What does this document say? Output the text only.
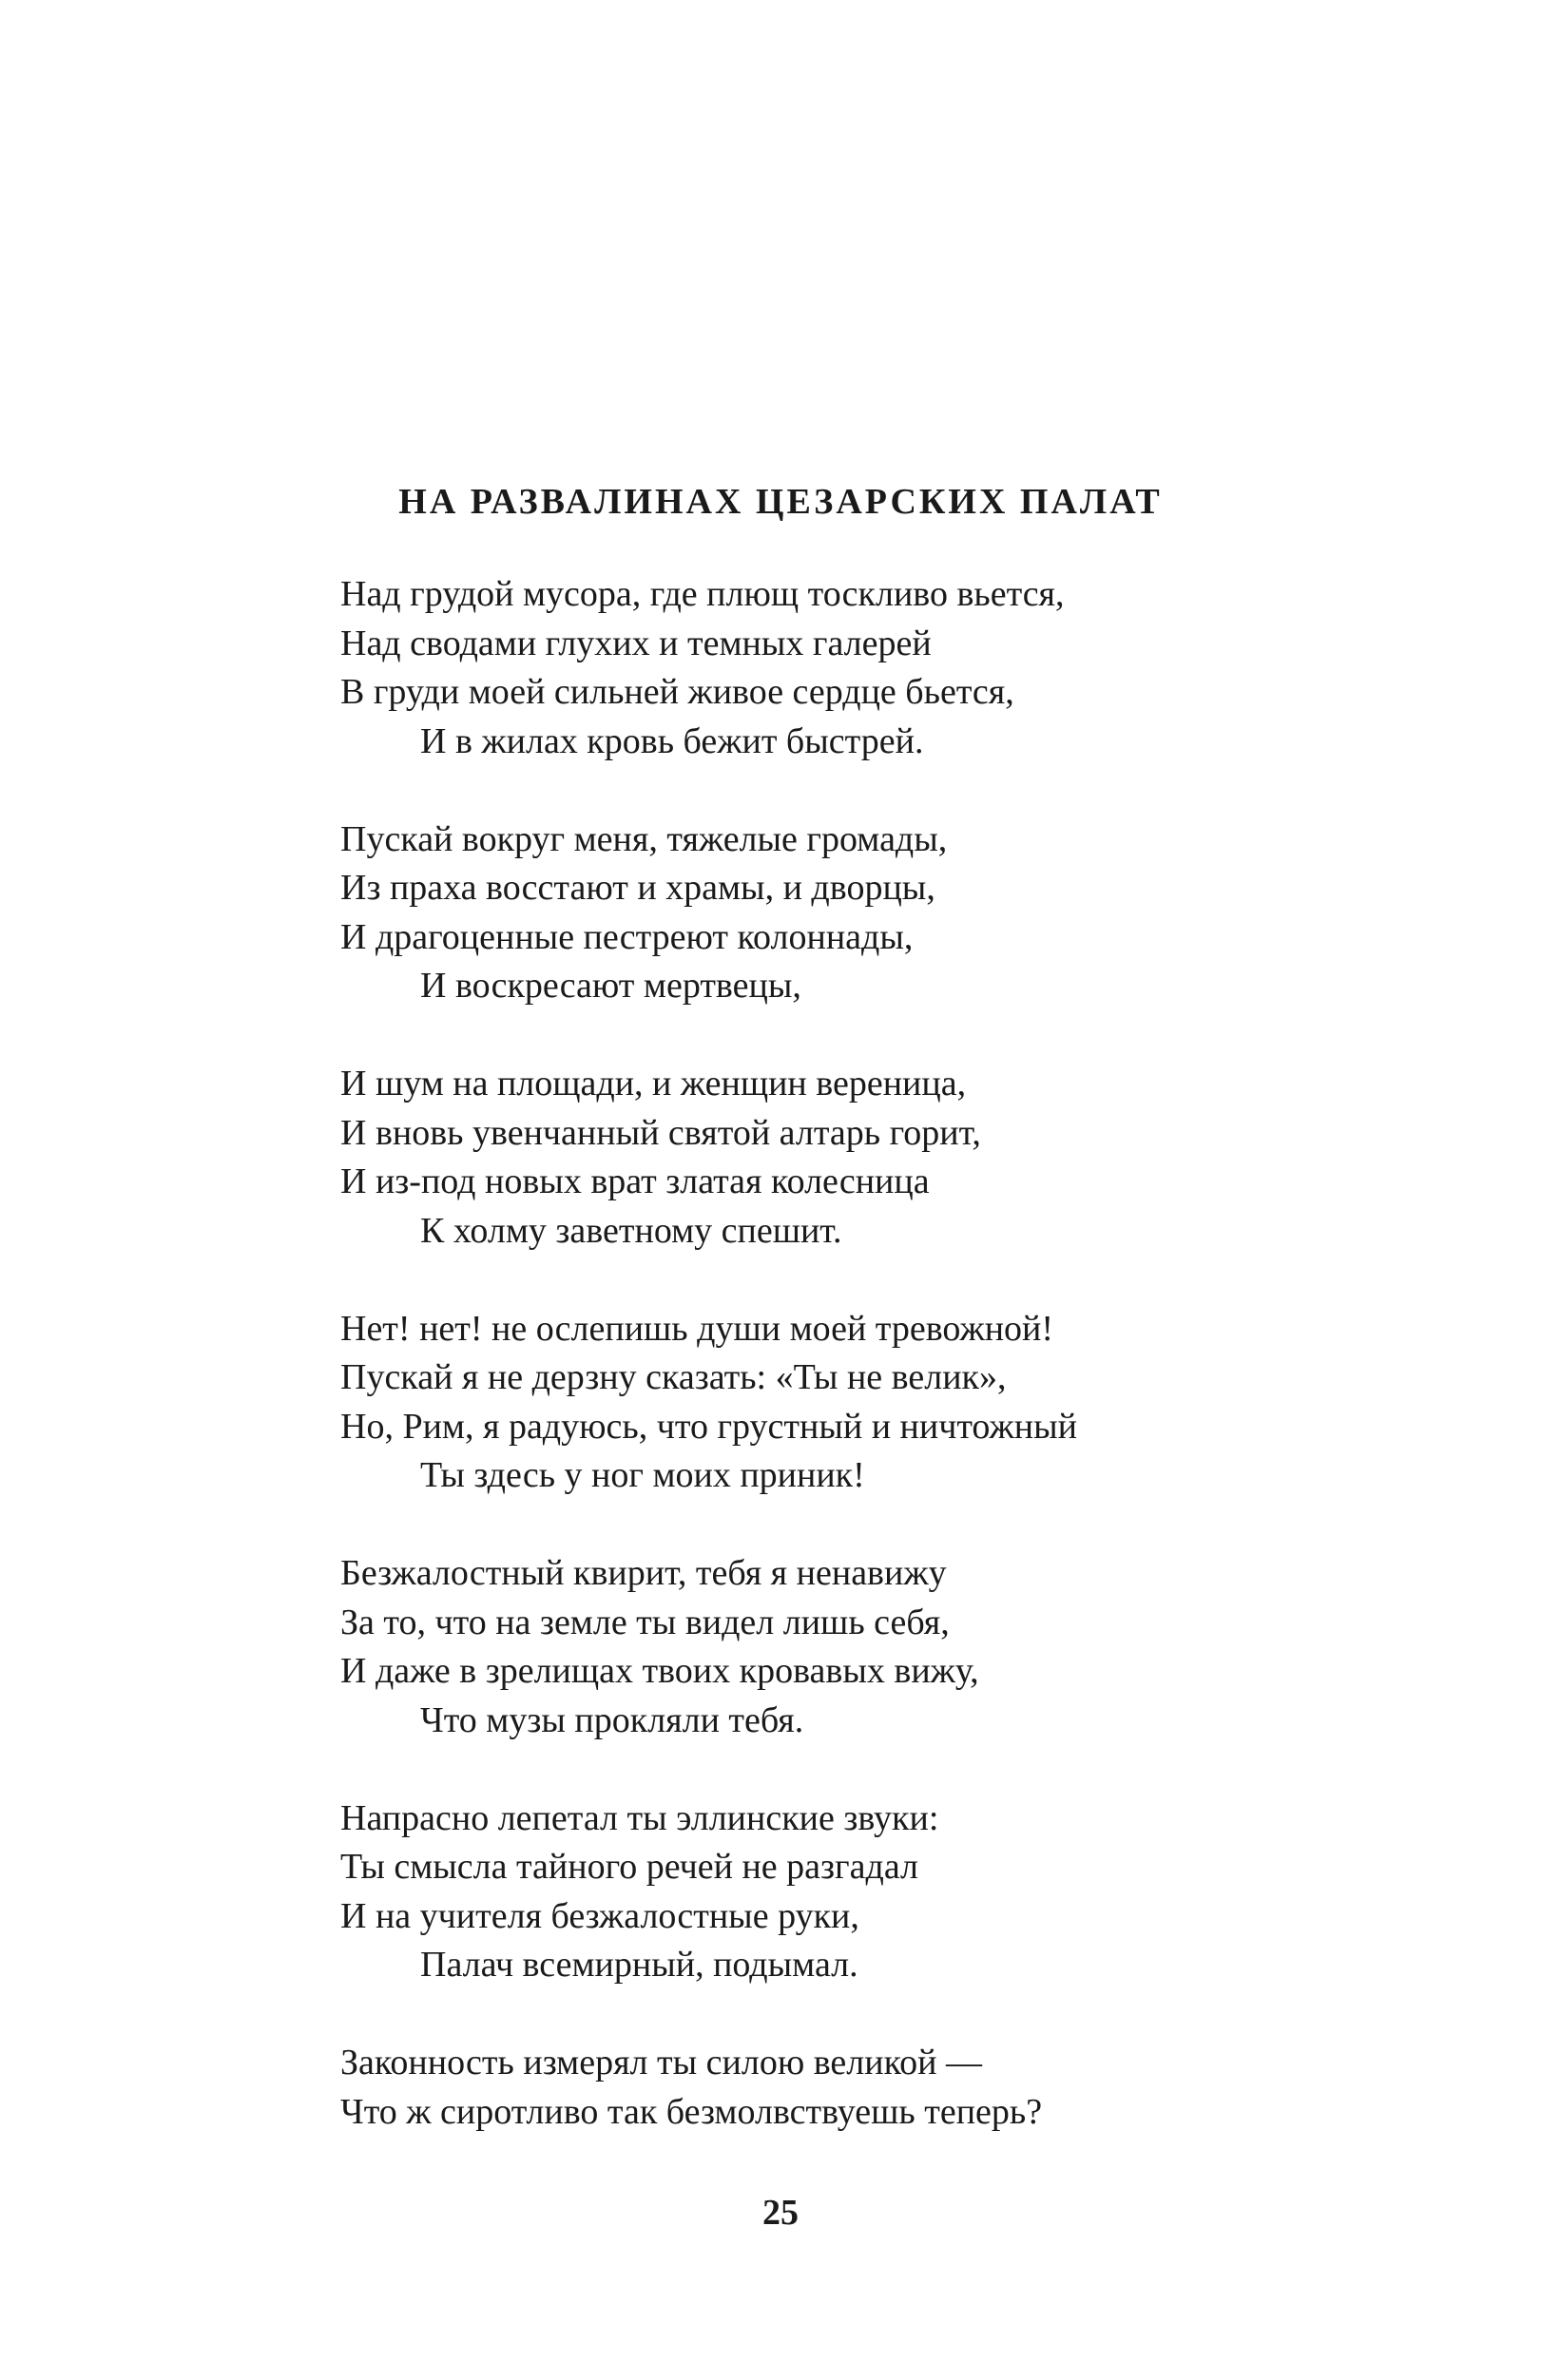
НА РАЗВАЛИНАХ ЦЕЗАРСКИХ ПАЛАТ
Над грудой мусора, где плющ тоскливо вьется,
Над сводами глухих и темных галерей
В груди моей сильней живое сердце бьется,
И в жилах кровь бежит быстрей.
Пускай вокруг меня, тяжелые громады,
Из праха восстают и храмы, и дворцы,
И драгоценные пестреют колоннады,
И воскресают мертвецы,
И шум на площади, и женщин вереница,
И вновь увенчанный святой алтарь горит,
И из-под новых врат златая колесница
К холму заветному спешит.
Нет! нет! не ослепишь души моей тревожной!
Пускай я не дерзну сказать: «Ты не велик»,
Но, Рим, я радуюсь, что грустный и ничтожный
Ты здесь у ног моих приник!
Безжалостный квирит, тебя я ненавижу
За то, что на земле ты видел лишь себя,
И даже в зрелищах твоих кровавых вижу,
Что музы прокляли тебя.
Напрасно лепетал ты эллинские звуки:
Ты смысла тайного речей не разгадал
И на учителя безжалостные руки,
Палач всемирный, подымал.
Законность измерял ты силою великой —
Что ж сиротливо так безмолвствуешь теперь?
25
